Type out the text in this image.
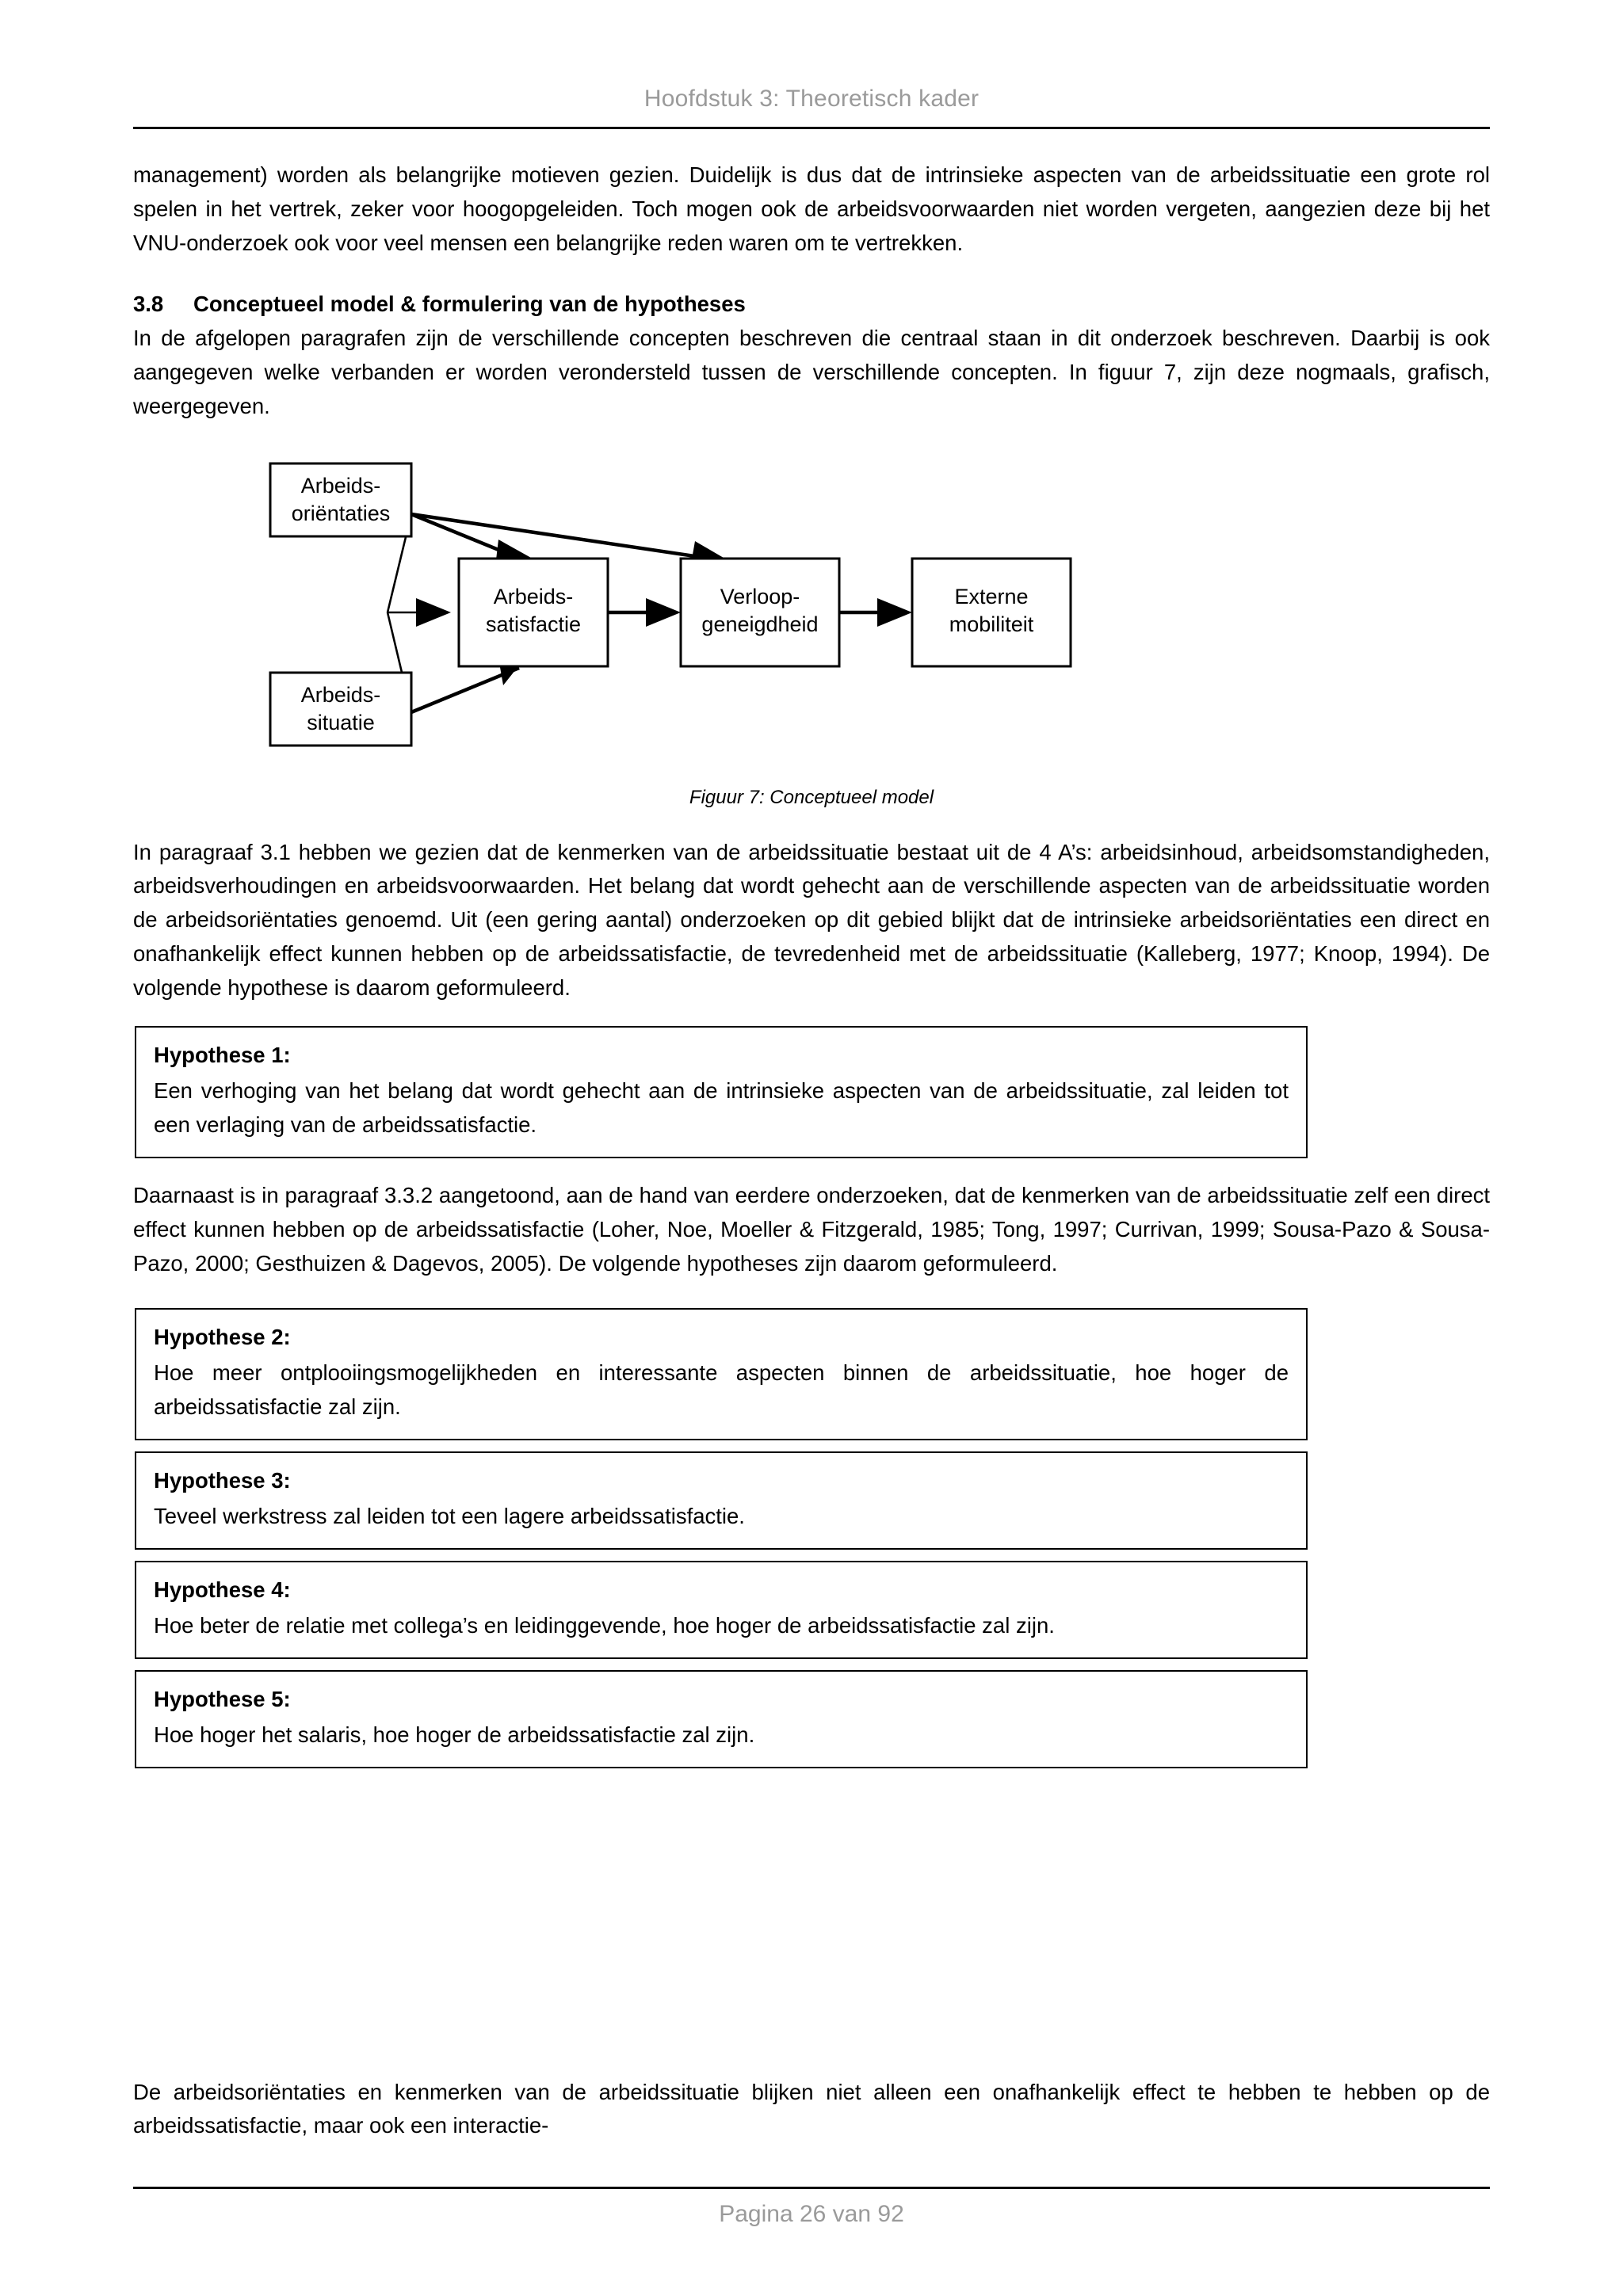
Hoofdstuk 3: Theoretisch kader

management) worden als belangrijke motieven gezien. Duidelijk is dus dat de intrinsieke aspecten van de arbeidssituatie een grote rol spelen in het vertrek, zeker voor hoogopgeleiden. Toch mogen ook de arbeidsvoorwaarden niet worden vergeten, aangezien deze bij het VNU-onderzoek ook voor veel mensen een belangrijke reden waren om te vertrekken.

3.8	Conceptueel model & formulering van de hypotheses

In de afgelopen paragrafen zijn de verschillende concepten beschreven die centraal staan in dit onderzoek beschreven. Daarbij is ook aangegeven welke verbanden er worden verondersteld tussen de verschillende concepten. In figuur 7, zijn deze nogmaals, grafisch, weergegeven.

Arbeids-
oriëntaties
Arbeids-
situatie
Arbeids-
satisfactie
Verloop-
geneigdheid
Externe
mobiliteit
Figuur 7: Conceptueel model

In paragraaf 3.1 hebben we gezien dat de kenmerken van de arbeidssituatie bestaat uit de 4 A’s: arbeidsinhoud, arbeidsomstandigheden, arbeidsverhoudingen en arbeidsvoorwaarden. Het belang dat wordt gehecht aan de verschillende aspecten van de arbeidssituatie worden de arbeidsoriëntaties genoemd. Uit (een gering aantal) onderzoeken op dit gebied blijkt dat de intrinsieke arbeidsoriëntaties een direct en onafhankelijk effect kunnen hebben op de arbeidssatisfactie, de tevredenheid met de arbeidssituatie (Kalleberg, 1977; Knoop, 1994). De volgende hypothese is daarom geformuleerd.

Hypothese 1:
Een verhoging van het belang dat wordt gehecht aan de intrinsieke aspecten van de arbeidssituatie, zal leiden tot een verlaging van de arbeidssatisfactie.

Daarnaast is in paragraaf 3.3.2 aangetoond, aan de hand van eerdere onderzoeken, dat de kenmerken van de arbeidssituatie zelf een direct effect kunnen hebben op de arbeidssatisfactie (Loher, Noe, Moeller & Fitzgerald, 1985; Tong, 1997; Currivan, 1999; Sousa-Pazo & Sousa-Pazo, 2000; Gesthuizen & Dagevos, 2005). De volgende hypotheses zijn daarom geformuleerd.

Hypothese 2:
Hoe meer ontplooiingsmogelijkheden en interessante aspecten binnen de arbeidssituatie, hoe hoger de arbeidssatisfactie zal zijn.
Hypothese 3:
Teveel werkstress zal leiden tot een lagere arbeidssatisfactie.
Hypothese 4:
Hoe beter de relatie met collega’s en leidinggevende, hoe hoger de arbeidssatisfactie zal zijn.
Hypothese 5:
Hoe hoger het salaris, hoe hoger de arbeidssatisfactie zal zijn.

De arbeidsoriëntaties en kenmerken van de arbeidssituatie blijken niet alleen een onafhankelijk effect te hebben te hebben op de arbeidssatisfactie, maar ook een interactie-

Pagina 26 van 92
